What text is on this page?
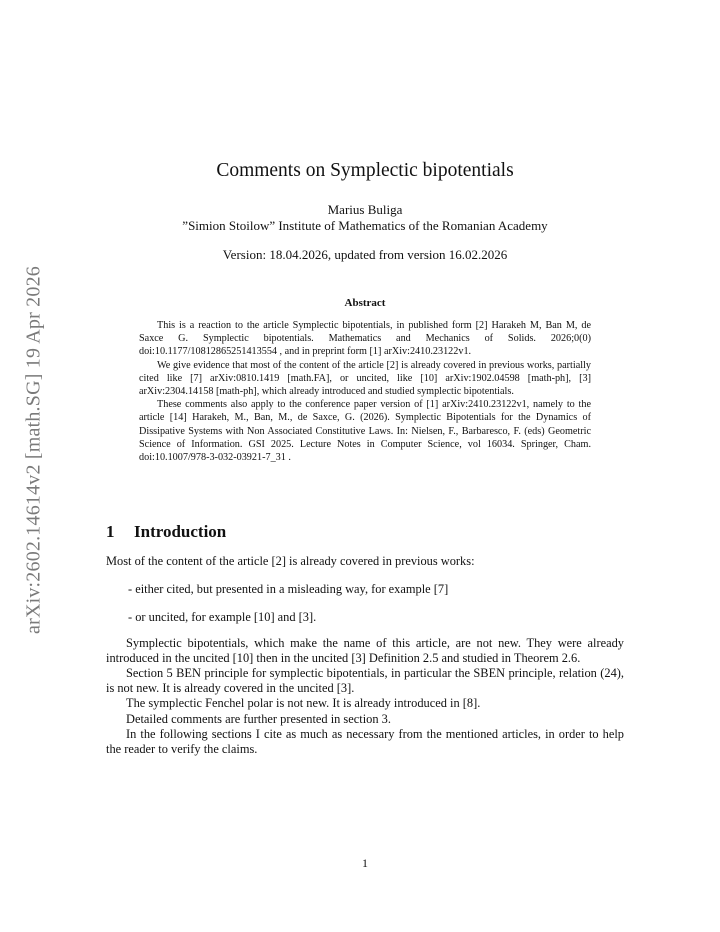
arXiv:2602.14614v2 [math.SG] 19 Apr 2026
Comments on Symplectic bipotentials
Marius Buliga
”Simion Stoilow” Institute of Mathematics of the Romanian Academy
Version: 18.04.2026, updated from version 16.02.2026
Abstract

This is a reaction to the article Symplectic bipotentials, in published form [2] Harakeh M, Ban M, de Saxce G. Symplectic bipotentials. Mathematics and Mechanics of Solids. 2026;0(0) doi:10.1177/10812865251413554 , and in preprint form [1] arXiv:2410.23122v1.

We give evidence that most of the content of the article [2] is already covered in previous works, partially cited like [7] arXiv:0810.1419 [math.FA], or uncited, like [10] arXiv:1902.04598 [math-ph], [3] arXiv:2304.14158 [math-ph], which already introduced and studied symplectic bipotentials.

These comments also apply to the conference paper version of [1] arXiv:2410.23122v1, namely to the article [14] Harakeh, M., Ban, M., de Saxce, G. (2026). Symplectic Bipotentials for the Dynamics of Dissipative Systems with Non Associated Constitutive Laws. In: Nielsen, F., Barbaresco, F. (eds) Geometric Science of Information. GSI 2025. Lecture Notes in Computer Science, vol 16034. Springer, Cham. doi:10.1007/978-3-032-03921-7_31 .

1 Introduction

Most of the content of the article [2] is already covered in previous works:

- either cited, but presented in a misleading way, for example [7]
- or uncited, for example [10] and [3].

Symplectic bipotentials, which make the name of this article, are not new. They were already introduced in the uncited [10] then in the uncited [3] Definition 2.5 and studied in Theorem 2.6.

Section 5 BEN principle for symplectic bipotentials, in particular the SBEN principle, relation (24), is not new. It is already covered in the uncited [3].

The symplectic Fenchel polar is not new. It is already introduced in [8].

Detailed comments are further presented in section 3.

In the following sections I cite as much as necessary from the mentioned articles, in order to help the reader to verify the claims.

1
